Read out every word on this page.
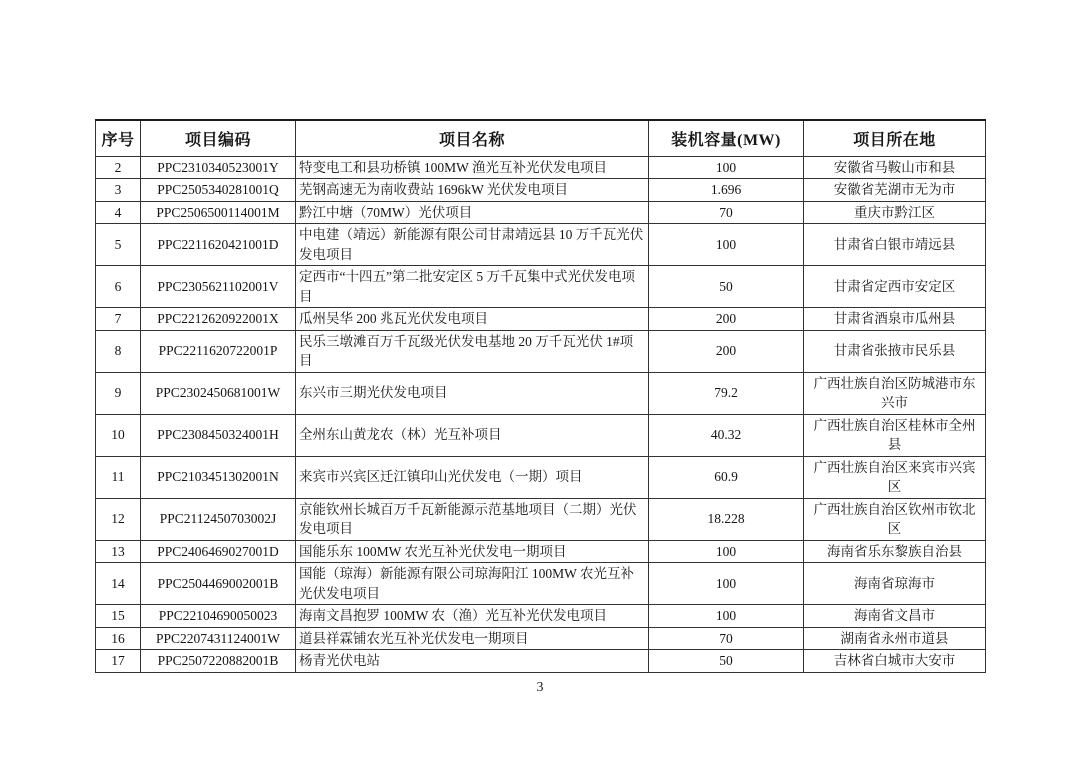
序号	项目编码	项目名称	装机容量(MW)	项目所在地
2	PPC2310340523001Y	特变电工和县功桥镇 100MW 渔光互补光伏发电项目	100	安徽省马鞍山市和县
3	PPC2505340281001Q	芜钢高速无为南收费站 1696kW 光伏发电项目	1.696	安徽省芜湖市无为市
4	PPC2506500114001M	黔江中塘（70MW）光伏项目	70	重庆市黔江区
5	PPC2211620421001D	中电建（靖远）新能源有限公司甘肃靖远县 10 万千瓦光伏发电项目	100	甘肃省白银市靖远县
6	PPC2305621102001V	定西市“十四五”第二批安定区 5 万千瓦集中式光伏发电项目	50	甘肃省定西市安定区
7	PPC2212620922001X	瓜州吴华 200 兆瓦光伏发电项目	200	甘肃省酒泉市瓜州县
8	PPC2211620722001P	民乐三墩滩百万千瓦级光伏发电基地 20 万千瓦光伏 1#项目	200	甘肃省张掖市民乐县
9	PPC2302450681001W	东兴市三期光伏发电项目	79.2	广西壮族自治区防城港市东兴市
10	PPC2308450324001H	全州东山黄龙农（林）光互补项目	40.32	广西壮族自治区桂林市全州县
11	PPC2103451302001N	来宾市兴宾区迁江镇印山光伏发电（一期）项目	60.9	广西壮族自治区来宾市兴宾区
12	PPC2112450703002J	京能钦州长城百万千瓦新能源示范基地项目（二期）光伏发电项目	18.228	广西壮族自治区钦州市钦北区
13	PPC2406469027001D	国能乐东 100MW 农光互补光伏发电一期项目	100	海南省乐东黎族自治县
14	PPC2504469002001B	国能（琼海）新能源有限公司琼海阳江 100MW 农光互补光伏发电项目	100	海南省琼海市
15	PPC22104690050023	海南文昌抱罗 100MW 农（渔）光互补光伏发电项目	100	海南省文昌市
16	PPC2207431124001W	道县祥霖铺农光互补光伏发电一期项目	70	湖南省永州市道县
17	PPC2507220882001B	杨青光伏电站	50	吉林省白城市大安市
3
